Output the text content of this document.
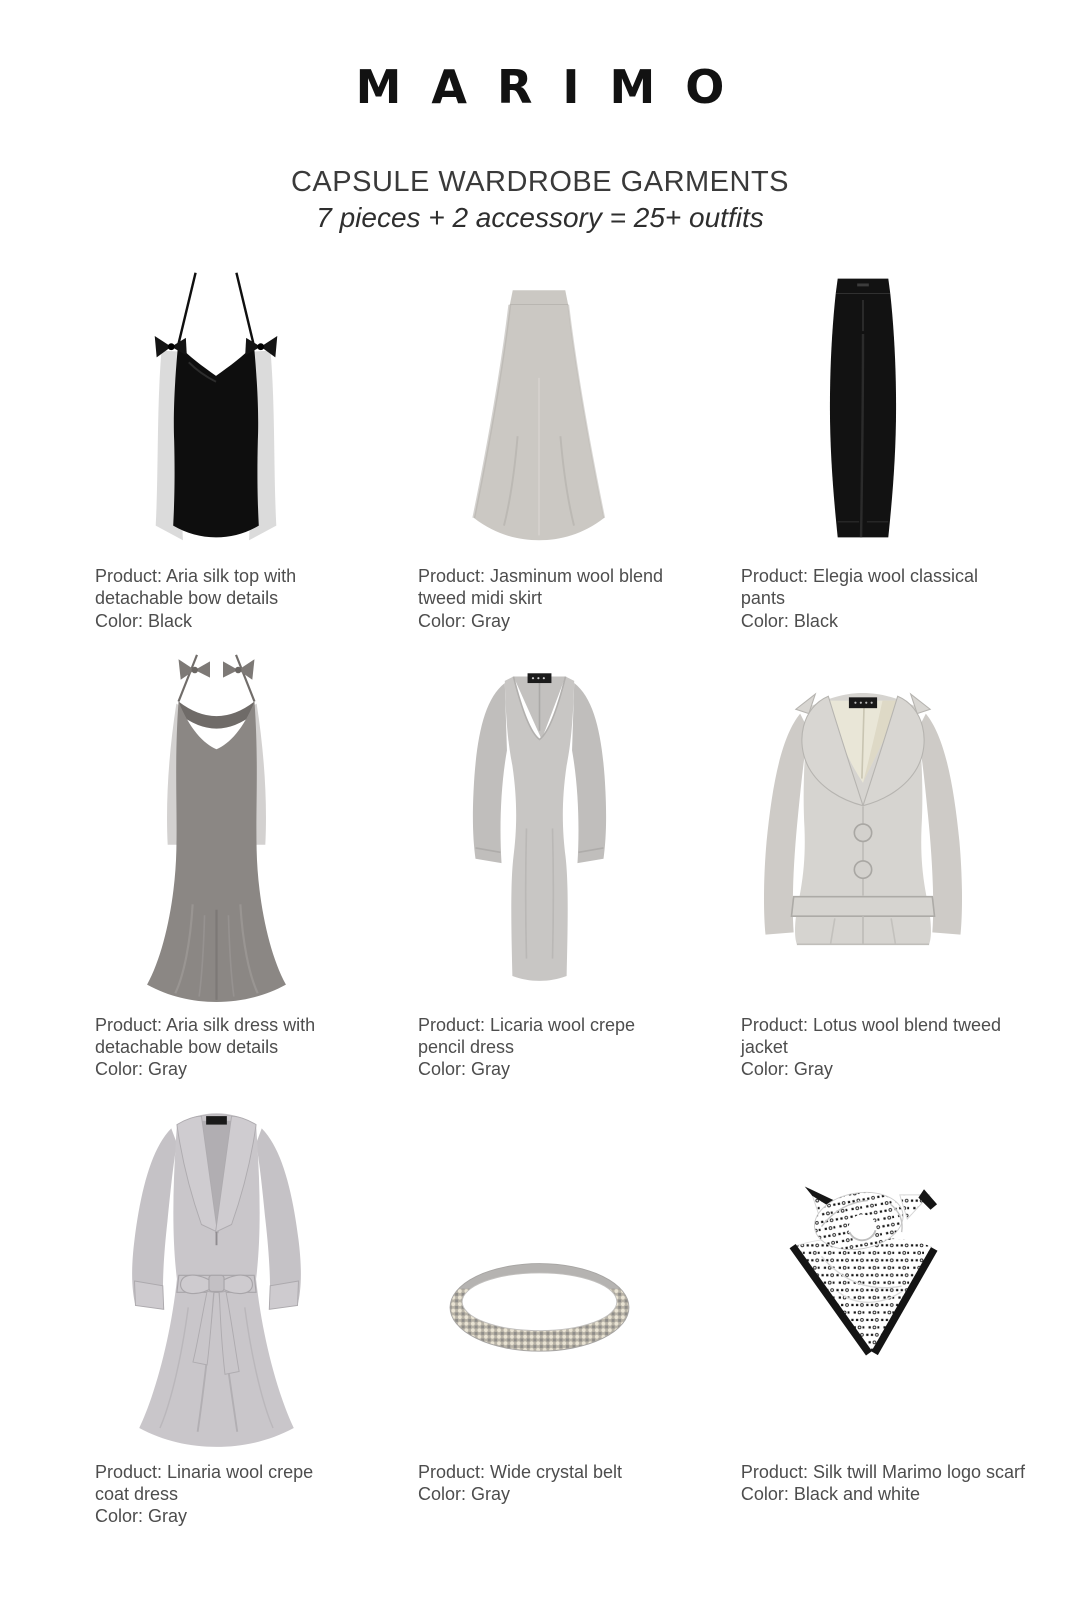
MARIMO
CAPSULE WARDROBE GARMENTS
7 pieces + 2 accessory = 25+ outfits
Product: Aria silk top with
detachable bow details
Color: Black
Product: Jasminum wool blend
tweed midi skirt
Color: Gray
Product: Elegia wool classical
pants
Color: Black
Product: Aria silk dress with
detachable bow details
Color: Gray
Product: Licaria wool crepe
pencil dress
Color: Gray
Product: Lotus wool blend tweed
jacket
Color: Gray
Product: Linaria wool crepe
coat dress
Color: Gray
Product: Wide crystal belt
Color: Gray
Product: Silk twill Marimo logo scarf
Color: Black and white
